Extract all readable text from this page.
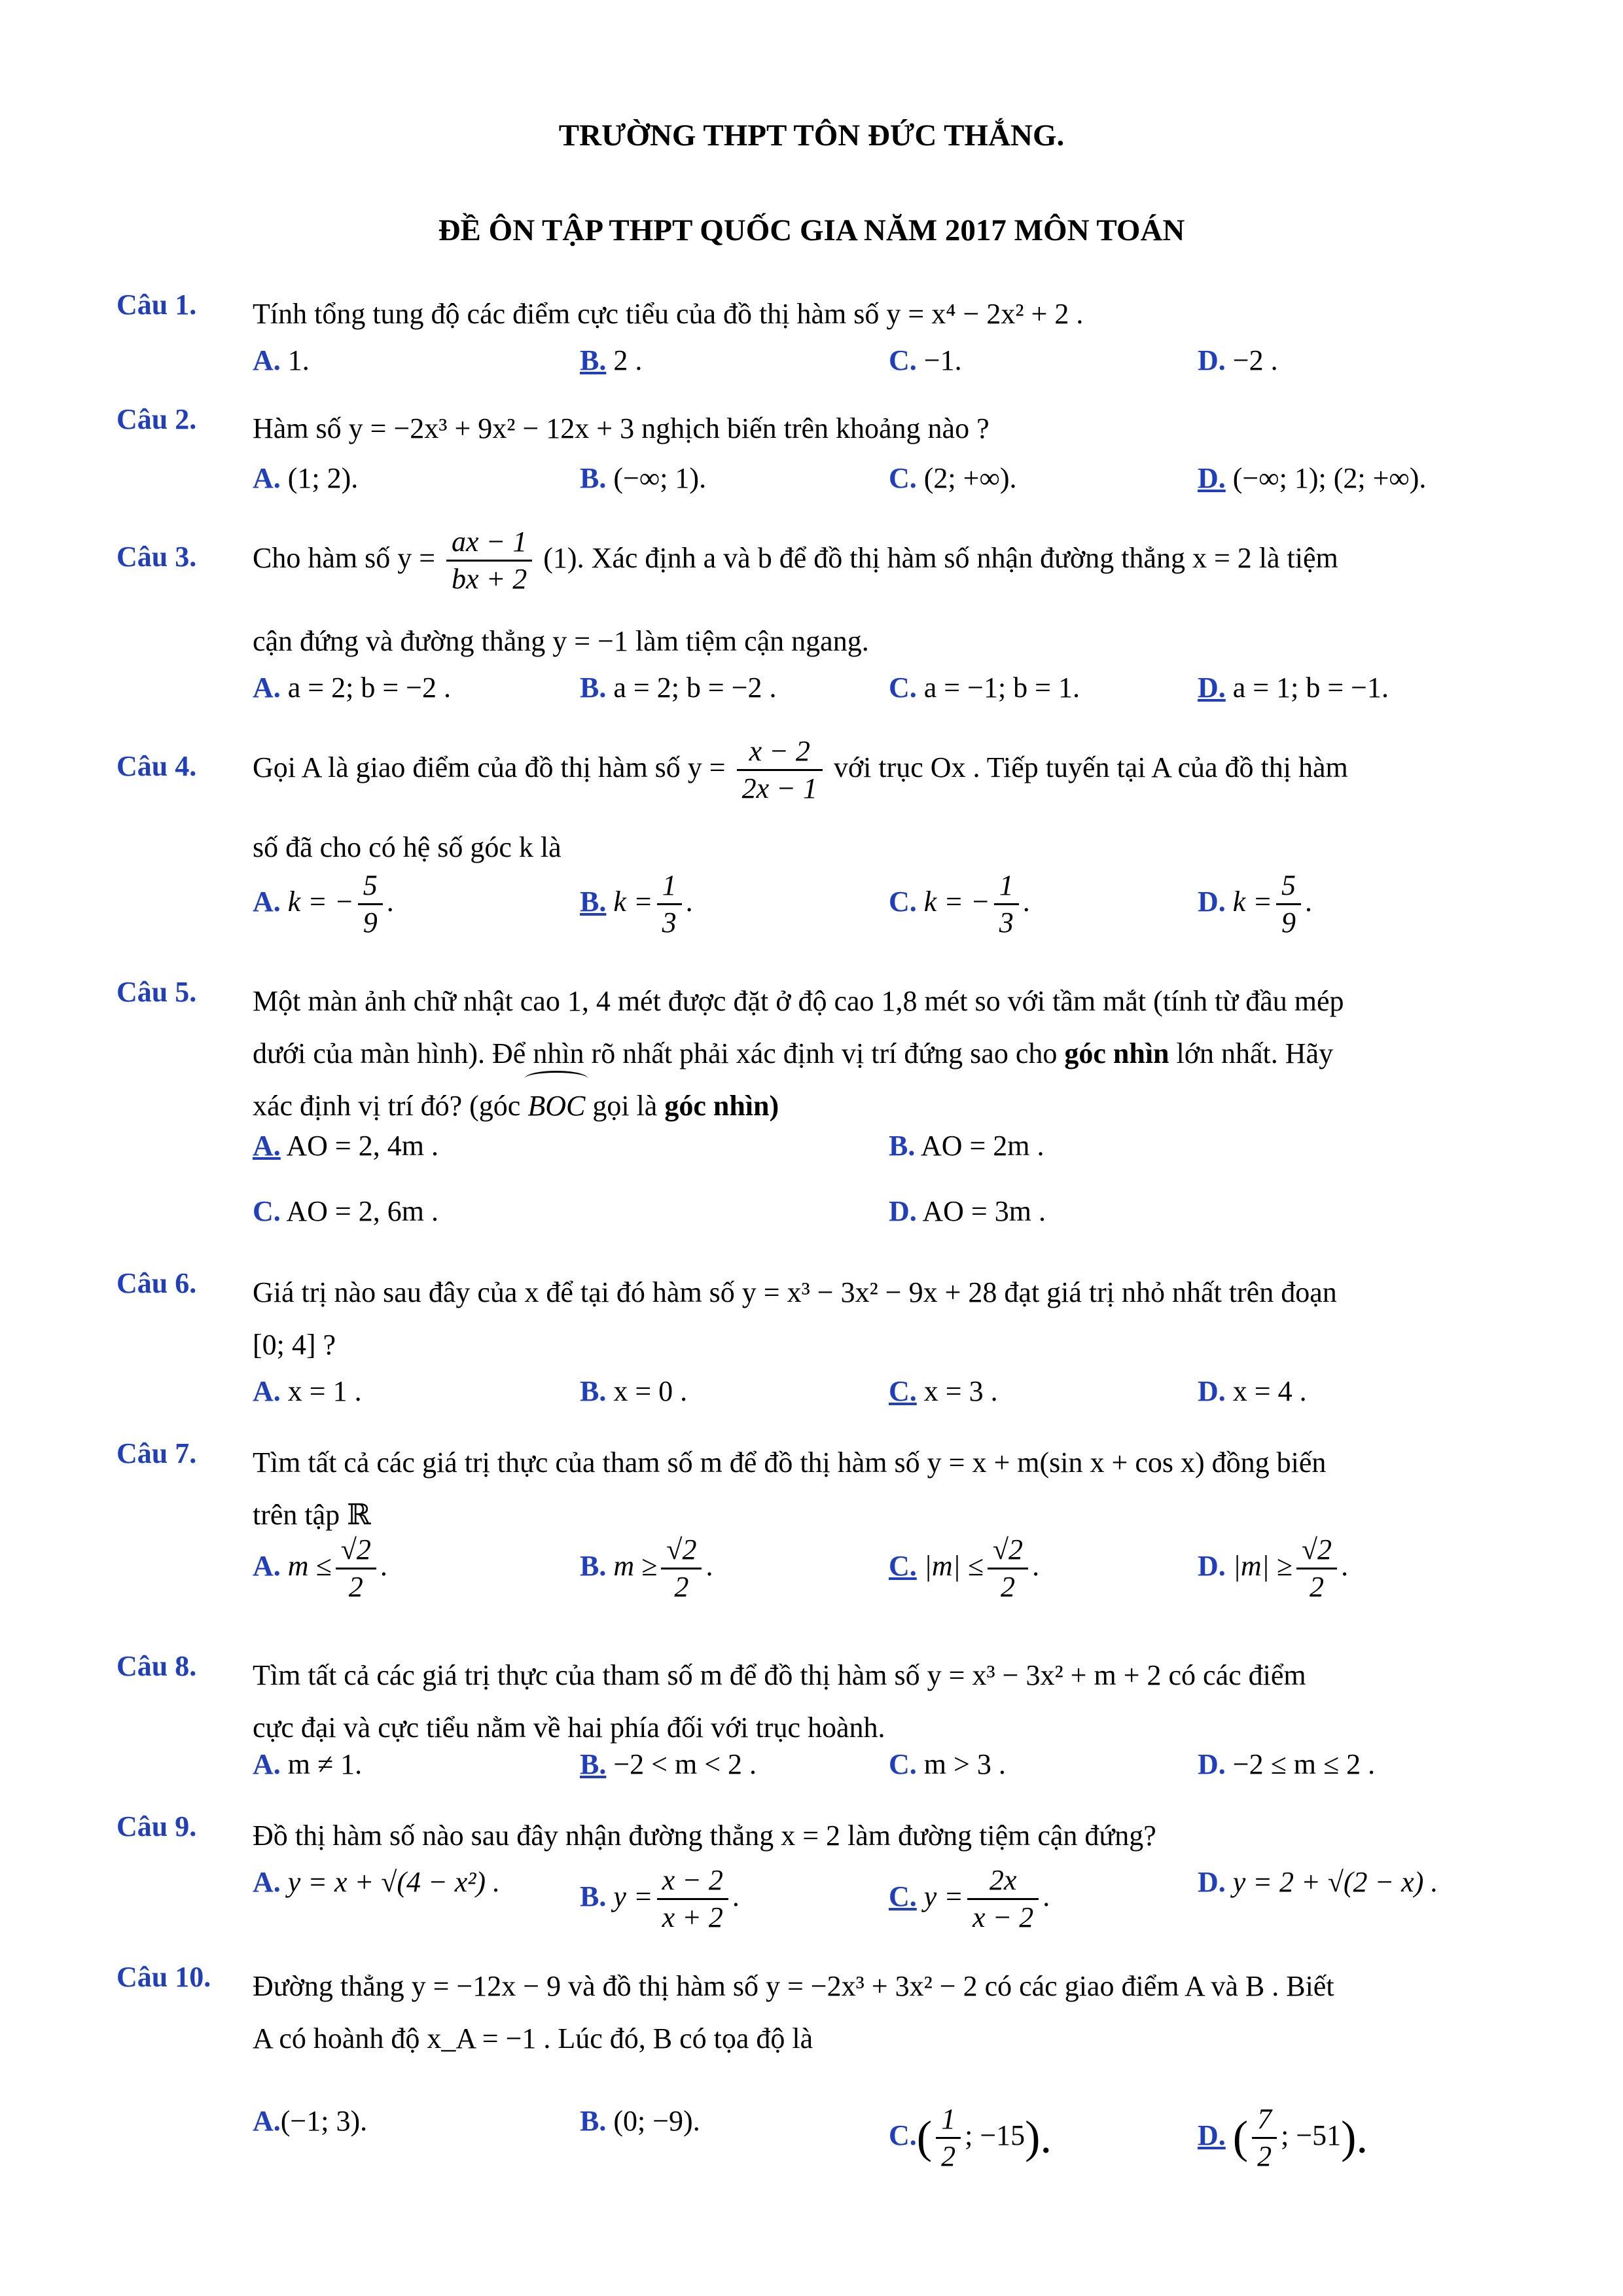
TRƯỜNG THPT TÔN ĐỨC THẮNG.
ĐỀ ÔN TẬP THPT QUỐC GIA NĂM 2017 MÔN TOÁN
Câu 1. Tính tổng tung độ các điểm cực tiểu của đồ thị hàm số y = x⁴ − 2x² + 2 .
A. 1.	B. 2 .	C. −1.	D. −2 .
Câu 2. Hàm số y = −2x³ + 9x² − 12x + 3 nghịch biến trên khoảng nào ?
A. (1; 2).	B. (−∞; 1).	C. (2; +∞).	D. (−∞; 1); (2; +∞).
Câu 3. Cho hàm số $y = \frac{ax - 1}{bx + 2} (1)$. Xác định a và b để đồ thị hàm số nhận đường thẳng x = 2 là tiệm
cận đứng và đường thẳng y = −1 làm tiệm cận ngang.
A. a = 2; b = −2 .	B. a = 2; b = −2 .	C. a = −1; b = 1.	D. a = 1; b = −1.
Câu 4. Gọi A là giao điểm của đồ thị hàm số $y = \frac{x - 2}{2x - 1}$ với trục Ox . Tiếp tuyến tại A của đồ thị hàm
số đã cho có hệ số góc k là
A. k = − $\frac{5}{9}$ .	B. $k = \frac{1}{3}$ .	C. k = − $\frac{1}{3}$ .	D. $k = \frac{5}{9}$ .
Câu 5. Một màn ảnh chữ nhật cao 1, 4 mét được đặt ở độ cao 1,8 mét so với tầm mắt (tính từ đầu mép
dưới của màn hình). Để nhìn rõ nhất phải xác định vị trí đứng sao cho góc nhìn lớn nhất. Hãy
xác định vị trí đó? (góc BOC gọi là góc nhìn)
A. AO = 2, 4m .	B. AO = 2m .
C. AO = 2, 6m .	D. AO = 3m .
Câu 6. Giá trị nào sau đây của x để tại đó hàm số y = x³ − 3x² − 9x + 28 đạt giá trị nhỏ nhất trên đoạn
[0; 4] ?
A. x = 1 .	B. x = 0 .	C. x = 3 .	D. x = 4 .
Câu 7. Tìm tất cả các giá trị thực của tham số m để đồ thị hàm số y = x + m(sin x + cos x) đồng biến
trên tập ℝ
A. $m \le \frac{√2}{2}$ .	B. $m \ge \frac{√2}{2}$ .	C. $|m| \le \frac{√2}{2}$ .	D. $|m| \ge \frac{√2}{2}$ .
Câu 8. Tìm tất cả các giá trị thực của tham số m để đồ thị hàm số y = x³ − 3x² + m + 2 có các điểm
cực đại và cực tiểu nằm về hai phía đối với trục hoành.
A. m ≠ 1.	B. −2 < m < 2 .	C. m > 3 .	D. −2 ≤ m ≤ 2 .
Câu 9. Đồ thị hàm số nào sau đây nhận đường thẳng x = 2 làm đường tiệm cận đứng?
A. y = x + √(4 − x²) .	B. $y = \frac{x - 2}{x + 2}$ .	C. $y = \frac{2x}{x - 2}$ .	D. y = 2 + √(2 − x) .
Câu 10. Đường thẳng y = −12x − 9 và đồ thị hàm số y = −2x³ + 3x² − 2 có các giao điểm A và B . Biết
A có hoành độ x_A = −1 . Lúc đó, B có tọa độ là
A.(−1; 3).	B. (0; −9).	$C.( \frac{1}{2}$ ; −15).	D. ( $\frac{7}{2}$ ; −51).
